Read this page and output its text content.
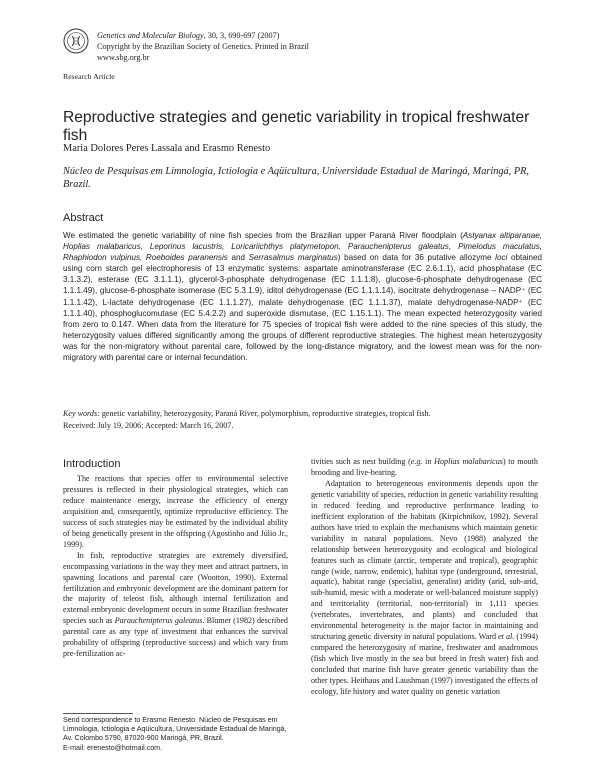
Genetics and Molecular Biology, 30, 3, 690-697 (2007)
Copyright by the Brazilian Society of Genetics. Printed in Brazil
www.sbg.org.br
Research Article
Reproductive strategies and genetic variability in tropical freshwater fish
Maria Dolores Peres Lassala and Erasmo Renesto
Núcleo de Pesquisas em Limnologia, Ictiologia e Aqüicultura, Universidade Estadual de Maringá, Maringá, PR, Brazil.
Abstract

We estimated the genetic variability of nine fish species from the Brazilian upper Paraná River floodplain (Astyanax altiparanae, Hoplias malabaricus, Leporinus lacustris, Loricariichthys platymetopon, Parauchenipterus galeatus, Pimelodus maculatus, Rhaphiodon vulpinus, Roeboides paranensis and Serrasalmus marginatus) based on data for 36 putative allozyme loci obtained using corn starch gel electrophoresis of 13 enzymatic systems: aspartate aminotransferase (EC 2.6.1.1), acid phosphatase (EC 3.1.3.2), esterase (EC 3.1.1.1), glycerol-3-phosphate dehydrogenase (EC 1.1.1.8), glucose-6-phosphate dehydrogenase (EC 1.1.1.49), glucose-6-phosphate isomerase (EC 5.3.1.9), iditol dehydrogenase (EC 1.1.1.14), isocitrate dehydrogenase – NADP⁺ (EC 1.1.1.42), L-lactate dehydrogenase (EC 1.1.1.27), malate dehydrogenase (EC 1.1.1.37), malate dehydrogenase-NADP⁺ (EC 1.1.1.40), phosphoglucomutase (EC 5.4.2.2) and superoxide dismutase, (EC 1.15.1.1). The mean expected heterozygosity varied from zero to 0.147. When data from the literature for 75 species of tropical fish were added to the nine species of this study, the heterozygosity values differed significantly among the groups of different reproductive strategies. The highest mean heterozygosity was for the non-migratory without parental care, followed by the long-distance migratory, and the lowest mean was for the non-migratory with parental care or internal fecundation.

Key words: genetic variability, heterozygosity, Paraná River, polymorphism, reproductive strategies, tropical fish.
Received: July 19, 2006; Accepted: March 16, 2007.
Introduction

The reactions that species offer to environmental selective pressures is reflected in their physiological strategies, which can reduce maintenance energy, increase the efficiency of energy acquisition and, consequently, optimize reproductive efficiency. The success of such strategies may be estimated by the individual ability of being genetically present in the offspring (Agostinho and Júlio Jr., 1999).

In fish, reproductive strategies are extremely diversified, encompassing variations in the way they meet and attract partners, in spawning locations and parental care (Wootton, 1990). External fertilization and embryonic development are the dominant pattern for the majority of teleost fish, although internal fertilization and external embryonic development occurs in some Brazilian freshwater species such as Parauchenipterus galeatus. Blumer (1982) described parental care as any type of investment that enhances the survival probability of offspring (reproductive success) and which vary from pre-fertilization ac-

tivities such as nest building (e.g. in Hoplias malabaricus) to mouth brooding and live-bearing.

Adaptation to heterogeneous environments depends upon the genetic variability of species, reduction in genetic variability resulting in reduced feeding and reproductive performance leading to inefficient exploration of the habitats (Kirpichnikov, 1992). Several authors have tried to explain the mechanisms which maintain genetic variability in natural populations. Nevo (1988) analyzed the relationship between heterozygosity and ecological and biological features such as climate (arctic, temperate and tropical), geographic range (wide, narrow, endemic), habitat type (underground, terrestrial, aquatic), habitat range (specialist, generalist) aridity (arid, sub-arid, sub-humid, mesic with a moderate or well-balanced moisture supply) and territoriality (territorial, non-territorial) in 1,111 species (vertebrates, invertebrates, and plants) and concluded that environmental heterogeneity is the major factor in maintaining and structuring genetic diversity in natural populations. Ward et al. (1994) compared the heterozygosity of marine, freshwater and anadromous (fish which live mostly in the sea but breed in fresh water) fish and concluded that marine fish have greater genetic variability than the other types. Heithaus and Laushman (1997) investigated the effects of ecology, life history and water quality on genetic variation

Send correspondence to Erasmo Renesto. Núcleo de Pesquisas em Limnologia, Ictiologia e Aqüicultura, Universidade Estadual de Maringá, Av. Colombo 5790, 87020-900 Maringá, PR, Brazil.
E-mail: erenesto@hotmail.com.
